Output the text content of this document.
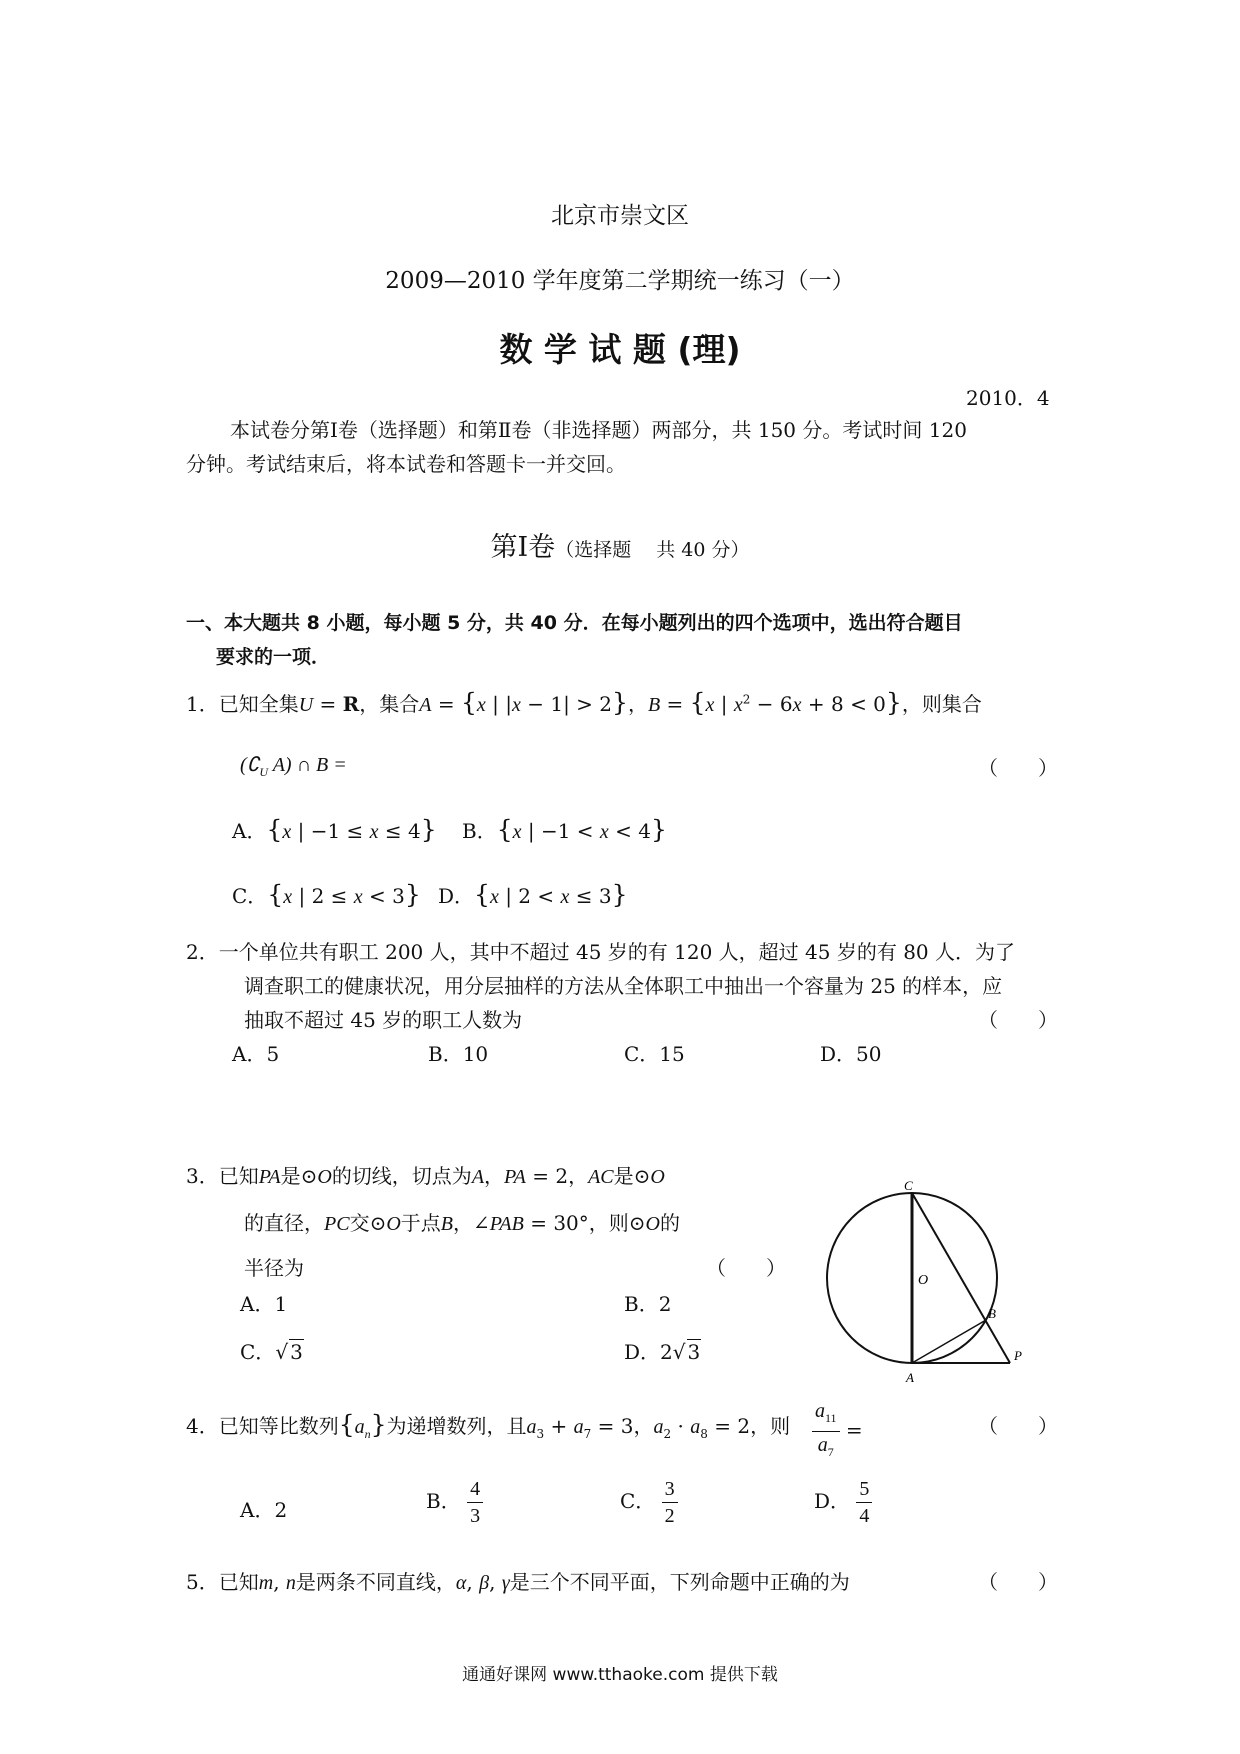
北京市崇文区
2009—2010 学年度第二学期统一练习（一）
数 学 试 题 (理)
2010．4
本试卷分第Ⅰ卷（选择题）和第Ⅱ卷（非选择题）两部分，共 150 分。考试时间 120
分钟。考试结束后，将本试卷和答题卡一并交回。
第Ⅰ卷（选择题　 共 40 分）
一、本大题共 8 小题，每小题 5 分，共 40 分．在每小题列出的四个选项中，选出符合题目
要求的一项．
1．已知全集U = R，集合A = {x | |x − 1| > 2}，B = {x | $x^2 - 6x + 8 < 0$}，则集合
($∁_U$ A) ∩ B =	（　　）
A．{x | −1 ≤ x ≤ 4} B．{x | −1 < x < 4}
C．{x | 2 ≤ x < 3} D．{x | 2 < x ≤ 3}
2．一个单位共有职工 200 人，其中不超过 45 岁的有 120 人，超过 45 岁的有 80 人．为了
调查职工的健康状况，用分层抽样的方法从全体职工中抽出一个容量为 25 的样本，应
抽取不超过 45 岁的职工人数为	（　　）
A．5	B．10	C．15	D．50
3．已知PA是⊙O的切线，切点为A，PA = 2，AC是⊙O
的直径，PC交⊙O于点B，∠PAB = 30°，则⊙O的
半径为	（　　）
A．1	B．2
C．√ 3	D．2√ 3
C
O
B
A
P
4．已知等比数列$\{a_n\}$为递增数列，且$a_3 + a_7 = 3$，$a_2 \cdot a_8 = 2$，则 $\frac{a_{11}}{a_7}$ =	（　　）
A．2	B． $\frac{4}{3}$	C． $\frac{3}{2}$	D． $\frac{5}{4}$
5．已知m, n是两条不同直线，α, β, γ是三个不同平面，下列命题中正确的为	（　　）
通通好课网 www.tthaoke.com 提供下载
